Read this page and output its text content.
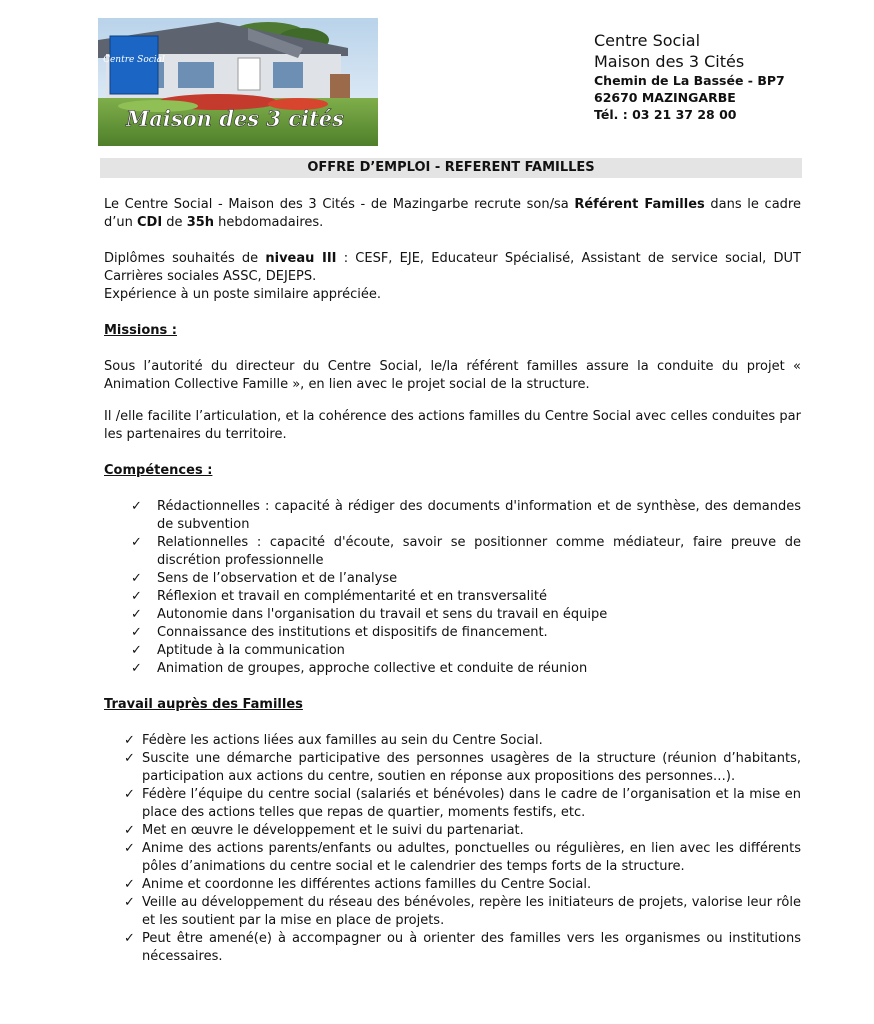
Centre Social
Maison des 3 cités
Centre Social
Maison des 3 Cités
Chemin de La Bassée - BP7
62670 MAZINGARBE
Tél. : 03 21 37 28 00
OFFRE D’EMPLOI - REFERENT FAMILLES

Le Centre Social - Maison des 3 Cités - de Mazingarbe recrute son/sa Référent Familles dans le cadre d’un CDI de 35h hebdomadaires.

Diplômes souhaités de niveau III : CESF, EJE, Educateur Spécialisé, Assistant de service social, DUT Carrières sociales ASSC, DEJEPS.

Expérience à un poste similaire appréciée.

Missions :

Sous l’autorité du directeur du Centre Social, le/la référent familles assure la conduite du projet « Animation Collective Famille », en lien avec le projet social de la structure.

Il /elle facilite l’articulation, et la cohérence des actions familles du Centre Social avec celles conduites par les partenaires du territoire.

Compétences :

✓ Rédactionnelles : capacité à rédiger des documents d'information et de synthèse, des demandes de subvention
✓ Relationnelles : capacité d'écoute, savoir se positionner comme médiateur, faire preuve de discrétion professionnelle
✓ Sens de l’observation et de l’analyse
✓ Réflexion et travail en complémentarité et en transversalité
✓ Autonomie dans l'organisation du travail et sens du travail en équipe
✓ Connaissance des institutions et dispositifs de financement.
✓ Aptitude à la communication
✓ Animation de groupes, approche collective et conduite de réunion

Travail auprès des Familles

✓ Fédère les actions liées aux familles au sein du Centre Social.
✓ Suscite une démarche participative des personnes usagères de la structure (réunion d’habitants, participation aux actions du centre, soutien en réponse aux propositions des personnes…).
✓ Fédère l’équipe du centre social (salariés et bénévoles) dans le cadre de l’organisation et la mise en place des actions telles que repas de quartier, moments festifs, etc.
✓ Met en œuvre le développement et le suivi du partenariat.
✓ Anime des actions parents/enfants ou adultes, ponctuelles ou régulières, en lien avec les différents pôles d’animations du centre social et le calendrier des temps forts de la structure.
✓ Anime et coordonne les différentes actions familles du Centre Social.
✓ Veille au développement du réseau des bénévoles, repère les initiateurs de projets, valorise leur rôle et les soutient par la mise en place de projets.
✓ Peut être amené(e) à accompagner ou à orienter des familles vers les organismes ou institutions nécessaires.
